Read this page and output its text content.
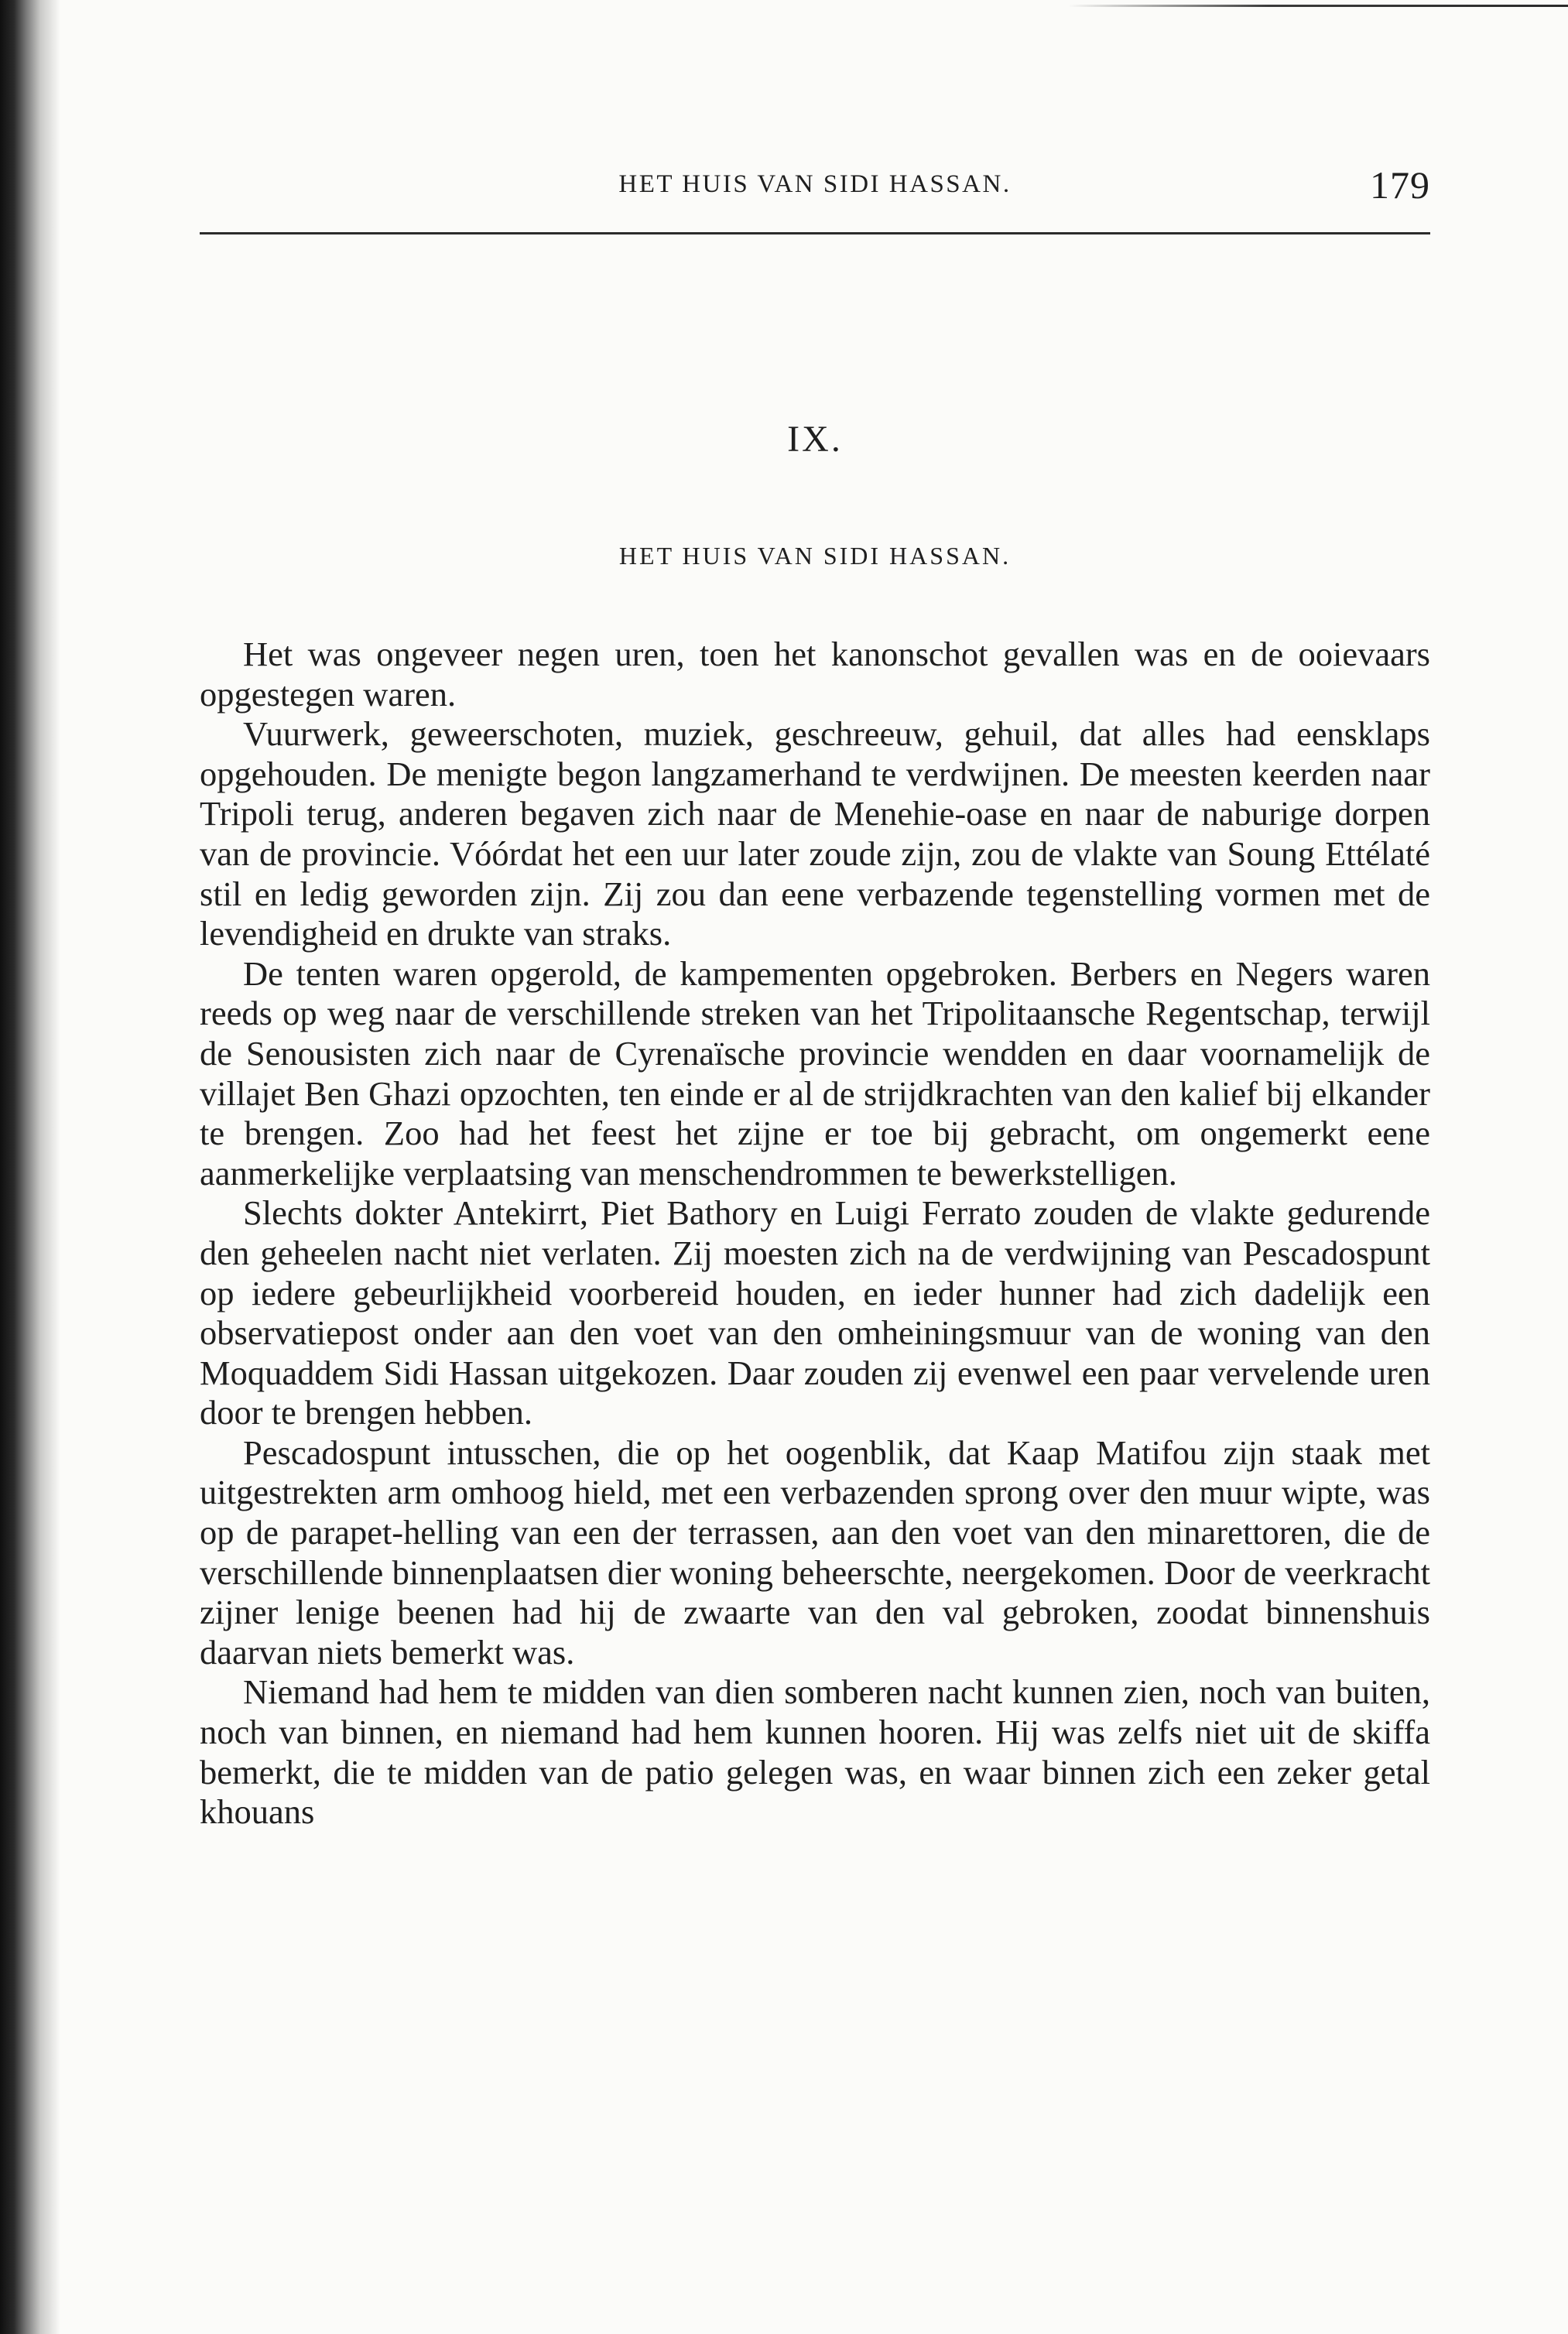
HET HUIS VAN SIDI HASSAN.	179
IX.
HET HUIS VAN SIDI HASSAN.

Het was ongeveer negen uren, toen het kanonschot gevallen was en de ooievaars opgestegen waren.

Vuurwerk, geweerschoten, muziek, geschreeuw, gehuil, dat alles had eensklaps opgehouden. De menigte begon langzamerhand te verdwijnen. De meesten keerden naar Tripoli terug, anderen begaven zich naar de Menehie-oase en naar de naburige dorpen van de provincie. Vóórdat het een uur later zoude zijn, zou de vlakte van Soung Ettélaté stil en ledig geworden zijn. Zij zou dan eene verbazende tegenstelling vormen met de levendigheid en drukte van straks.

De tenten waren opgerold, de kampementen opgebroken. Berbers en Negers waren reeds op weg naar de verschillende streken van het Tripolitaansche Regentschap, terwijl de Senousisten zich naar de Cyrenaïsche provincie wendden en daar voornamelijk de villajet Ben Ghazi opzochten, ten einde er al de strijdkrachten van den kalief bij elkander te brengen. Zoo had het feest het zijne er toe bij gebracht, om ongemerkt eene aanmerkelijke verplaatsing van menschendrommen te bewerkstelligen.

Slechts dokter Antekirrt, Piet Bathory en Luigi Ferrato zouden de vlakte gedurende den geheelen nacht niet verlaten. Zij moesten zich na de verdwijning van Pescadospunt op iedere gebeurlijkheid voorbereid houden, en ieder hunner had zich dadelijk een observatiepost onder aan den voet van den omheiningsmuur van de woning van den Moquaddem Sidi Hassan uitgekozen. Daar zouden zij evenwel een paar vervelende uren door te brengen hebben.

Pescadospunt intusschen, die op het oogenblik, dat Kaap Matifou zijn staak met uitgestrekten arm omhoog hield, met een verbazenden sprong over den muur wipte, was op de parapet-helling van een der terrassen, aan den voet van den minarettoren, die de verschillende binnenplaatsen dier woning beheerschte, neergekomen. Door de veerkracht zijner lenige beenen had hij de zwaarte van den val gebroken, zoodat binnenshuis daarvan niets bemerkt was.

Niemand had hem te midden van dien somberen nacht kunnen zien, noch van buiten, noch van binnen, en niemand had hem kunnen hooren. Hij was zelfs niet uit de skiffa bemerkt, die te midden van de patio gelegen was, en waar binnen zich een zeker getal khouans
